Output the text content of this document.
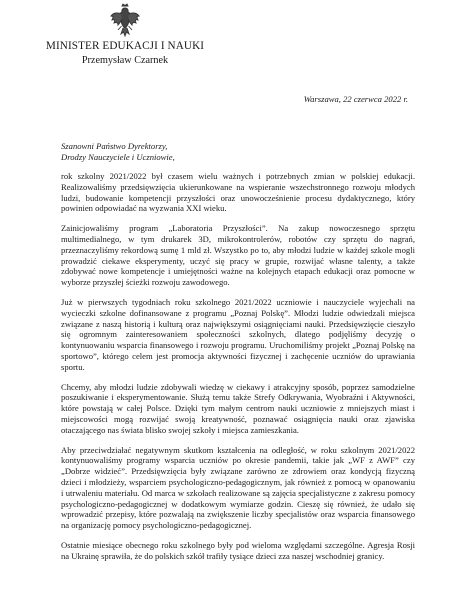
MINISTER EDUKACJI I NAUKI
Przemysław Czarnek
Warszawa, 22 czerwca 2022 r.
Szanowni Państwo Dyrektorzy,
Drodzy Nauczyciele i Uczniowie,

rok szkolny 2021/2022 był czasem wielu ważnych i potrzebnych zmian w polskiej edukacji. Realizowaliśmy przedsięwzięcia ukierunkowane na wspieranie wszechstronnego rozwoju młodych ludzi, budowanie kompetencji przyszłości oraz unowocześnienie procesu dydaktycznego, który powinien odpowiadać na wyzwania XXI wieku.

Zainicjowaliśmy program „Laboratoria Przyszłości”. Na zakup nowoczesnego sprzętu multimedialnego, w tym drukarek 3D, mikrokontrolerów, robotów czy sprzętu do nagrań, przeznaczyliśmy rekordową sumę 1 mld zł. Wszystko po to, aby młodzi ludzie w każdej szkole mogli prowadzić ciekawe eksperymenty, uczyć się pracy w grupie, rozwijać własne talenty, a także zdobywać nowe kompetencje i umiejętności ważne na kolejnych etapach edukacji oraz pomocne w wyborze przyszłej ścieżki rozwoju zawodowego.

Już w pierwszych tygodniach roku szkolnego 2021/2022 uczniowie i nauczyciele wyjechali na wycieczki szkolne dofinansowane z programu „Poznaj Polskę”. Młodzi ludzie odwiedzali miejsca związane z naszą historią i kulturą oraz największymi osiągnięciami nauki. Przedsięwzięcie cieszyło się ogromnym zainteresowaniem społeczności szkolnych, dlatego podjęliśmy decyzję o kontynuowaniu wsparcia finansowego i rozwoju programu. Uruchomiliśmy projekt „Poznaj Polskę na sportowo”, którego celem jest promocja aktywności fizycznej i zachęcenie uczniów do uprawiania sportu.

Chcemy, aby młodzi ludzie zdobywali wiedzę w ciekawy i atrakcyjny sposób, poprzez samodzielne poszukiwanie i eksperymentowanie. Służą temu także Strefy Odkrywania, Wyobraźni i Aktywności, które powstają w całej Polsce. Dzięki tym małym centrom nauki uczniowie z mniejszych miast i miejscowości mogą rozwijać swoją kreatywność, poznawać osiągnięcia nauki oraz zjawiska otaczającego nas świata blisko swojej szkoły i miejsca zamieszkania.

Aby przeciwdziałać negatywnym skutkom kształcenia na odległość, w roku szkolnym 2021/2022 kontynuowaliśmy programy wsparcia uczniów po okresie pandemii, takie jak „WF z AWF” czy „Dobrze widzieć”. Przedsięwzięcia były związane zarówno ze zdrowiem oraz kondycją fizyczną dzieci i młodzieży, wsparciem psychologiczno-pedagogicznym, jak również z pomocą w opanowaniu i utrwaleniu materiału. Od marca w szkołach realizowane są zajęcia specjalistyczne z zakresu pomocy psychologiczno-pedagogicznej w dodatkowym wymiarze godzin. Cieszę się również, że udało się wprowadzić przepisy, które pozwalają na zwiększenie liczby specjalistów oraz wsparcia finansowego na organizację pomocy psychologiczno-pedagogicznej.

Ostatnie miesiące obecnego roku szkolnego były pod wieloma względami szczególne. Agresja Rosji na Ukrainę sprawiła, że do polskich szkół trafiły tysiące dzieci zza naszej wschodniej granicy.
